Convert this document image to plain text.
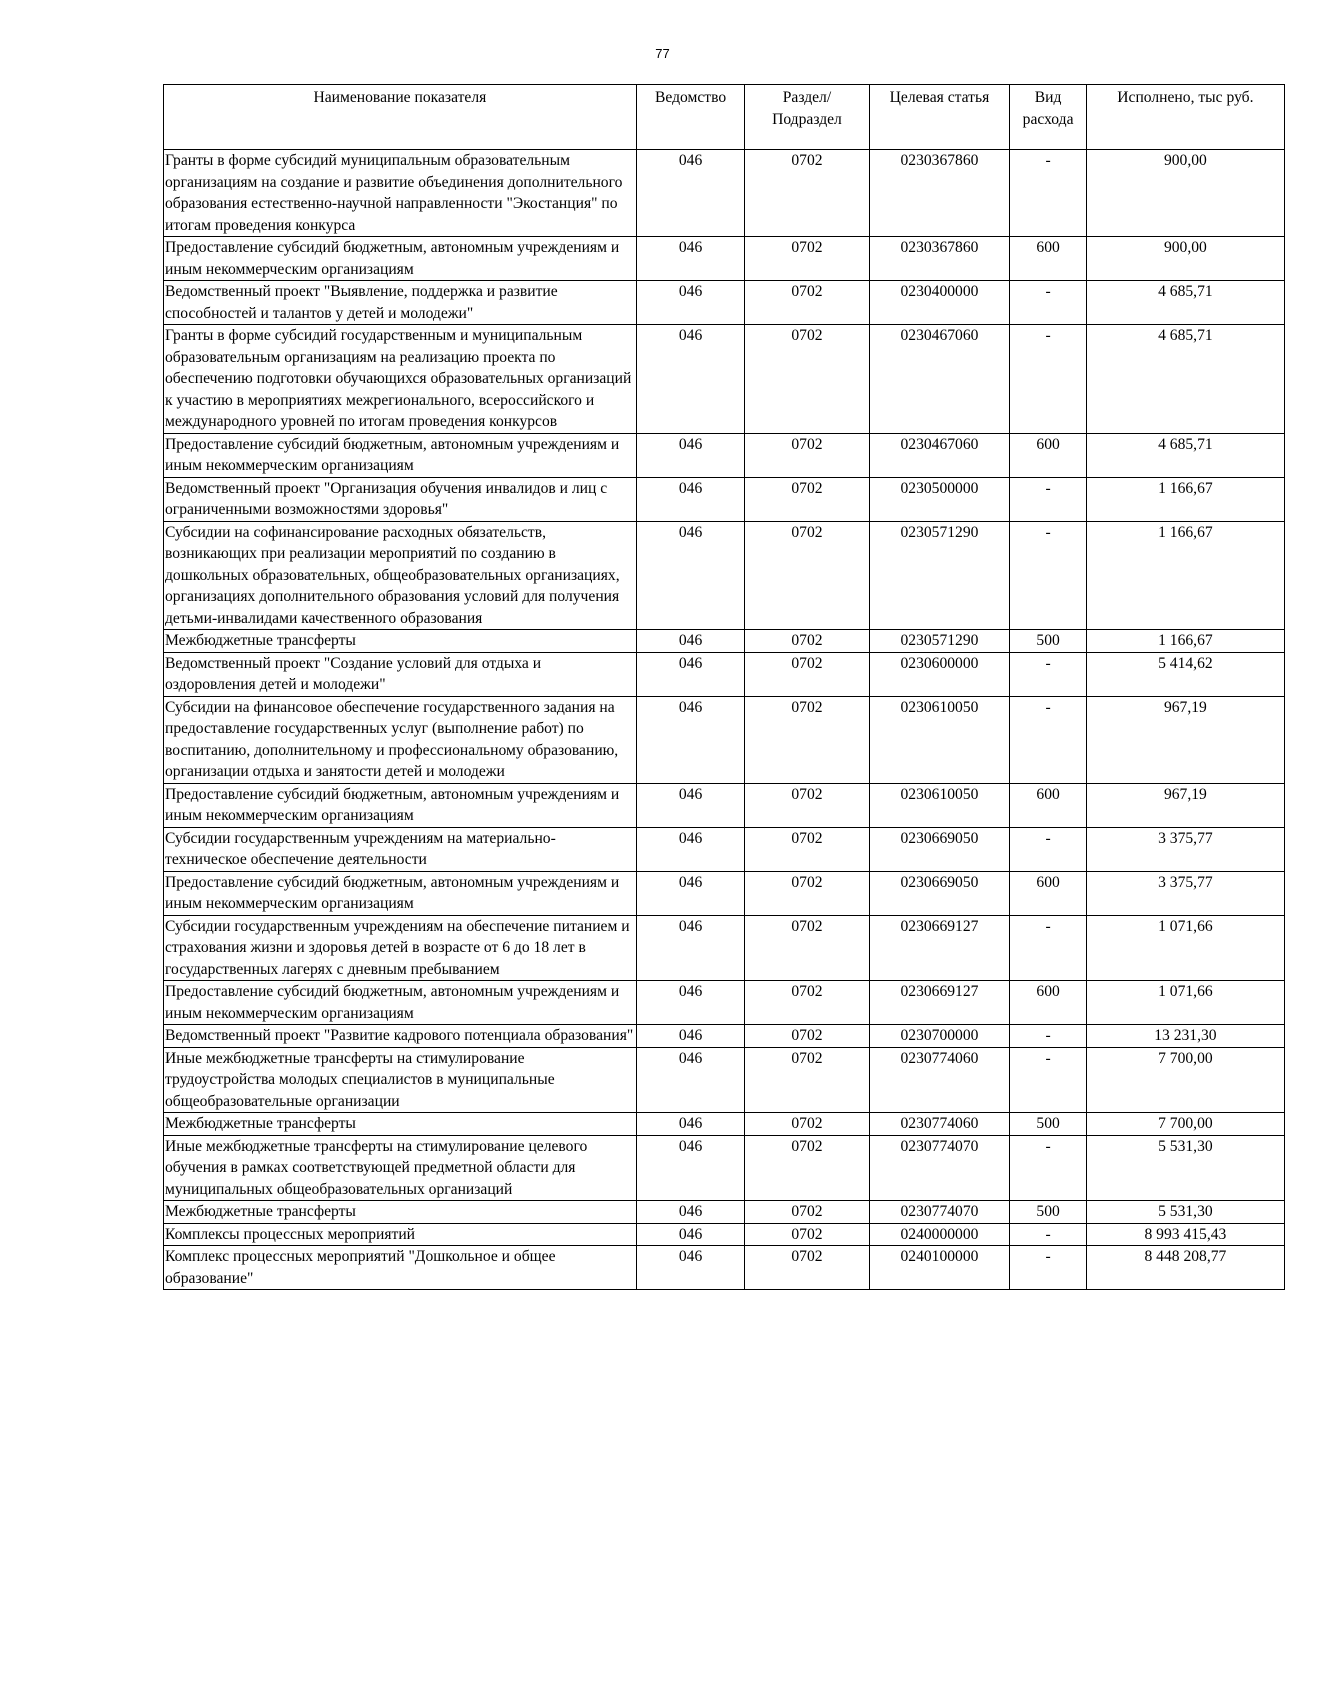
77
Наименование показателя	Ведомство	Раздел/ Подраздел	Целевая статья	Вид расхода	Исполнено, тыс руб.
Гранты в форме субсидий муниципальным образовательным организациям на создание и развитие объединения дополнительного образования естественно-научной направленности "Экостанция" по итогам проведения конкурса	046	0702	0230367860	-	900,00
Предоставление субсидий бюджетным, автономным учреждениям и иным некоммерческим организациям	046	0702	0230367860	600	900,00
Ведомственный проект "Выявление, поддержка и развитие способностей и талантов у детей и молодежи"	046	0702	0230400000	-	4 685,71
Гранты в форме субсидий государственным и муниципальным образовательным организациям на реализацию проекта по обеспечению подготовки обучающихся образовательных организаций к участию в мероприятиях межрегионального, всероссийского и международного уровней по итогам проведения конкурсов	046	0702	0230467060	-	4 685,71
Предоставление субсидий бюджетным, автономным учреждениям и иным некоммерческим организациям	046	0702	0230467060	600	4 685,71
Ведомственный проект "Организация обучения инвалидов и лиц с ограниченными возможностями здоровья"	046	0702	0230500000	-	1 166,67
Субсидии на софинансирование расходных обязательств, возникающих при реализации мероприятий по созданию в дошкольных образовательных, общеобразовательных организациях, организациях дополнительного образования условий для получения детьми-инвалидами качественного образования	046	0702	0230571290	-	1 166,67
Межбюджетные трансферты	046	0702	0230571290	500	1 166,67
Ведомственный проект "Создание условий для отдыха и оздоровления детей и молодежи"	046	0702	0230600000	-	5 414,62
Субсидии на финансовое обеспечение государственного задания на предоставление государственных услуг (выполнение работ) по воспитанию, дополнительному и профессиональному образованию, организации отдыха и занятости детей и молодежи	046	0702	0230610050	-	967,19
Предоставление субсидий бюджетным, автономным учреждениям и иным некоммерческим организациям	046	0702	0230610050	600	967,19
Субсидии государственным учреждениям на материально-техническое обеспечение деятельности	046	0702	0230669050	-	3 375,77
Предоставление субсидий бюджетным, автономным учреждениям и иным некоммерческим организациям	046	0702	0230669050	600	3 375,77
Субсидии государственным учреждениям на обеспечение питанием и страхования жизни и здоровья детей в возрасте от 6 до 18 лет в государственных лагерях с дневным пребыванием	046	0702	0230669127	-	1 071,66
Предоставление субсидий бюджетным, автономным учреждениям и иным некоммерческим организациям	046	0702	0230669127	600	1 071,66
Ведомственный проект "Развитие кадрового потенциала образования"	046	0702	0230700000	-	13 231,30
Иные межбюджетные трансферты на стимулирование трудоустройства молодых специалистов в муниципальные общеобразовательные организации	046	0702	0230774060	-	7 700,00
Межбюджетные трансферты	046	0702	0230774060	500	7 700,00
Иные межбюджетные трансферты на стимулирование целевого обучения в рамках соответствующей предметной области для муниципальных общеобразовательных организаций	046	0702	0230774070	-	5 531,30
Межбюджетные трансферты	046	0702	0230774070	500	5 531,30
Комплексы процессных мероприятий	046	0702	0240000000	-	8 993 415,43
Комплекс процессных мероприятий "Дошкольное и общее образование"	046	0702	0240100000	-	8 448 208,77
